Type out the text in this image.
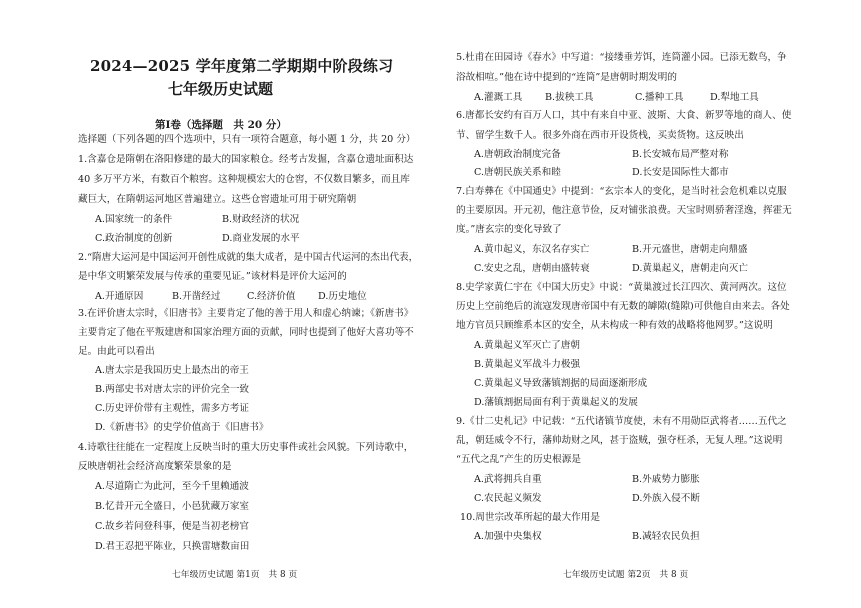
2024—2025 学年度第二学期期中阶段练习
七年级历史试题
第Ⅰ卷（选择题　共 20 分）
选择题（下列各题的四个选项中，只有一项符合题意，每小题 1 分，共 20 分）
1.含嘉仓是隋朝在洛阳修建的最大的国家粮仓。经考古发掘，含嘉仓遗址面积达
40 多万平方米，有数百个粮窖。这种规模宏大的仓窖，不仅数目繁多，而且库
藏巨大，在隋朝运河地区普遍建立。这些仓窖遗址可用于研究隋朝
A.国家统一的条件	B.财政经济的状况
C.政治制度的创新	D.商业发展的水平
2.“隋唐大运河是中国运河开创性成就的集大成者，是中国古代运河的杰出代表，
是中华文明繁荣发展与传承的重要见证。”该材料是评价大运河的
A.开通原因	B.开凿经过	C.经济价值 D.历史地位
3.在评价唐太宗时，《旧唐书》主要肯定了他的善于用人和虚心纳谏；《新唐书》
主要肯定了他在平叛建唐和国家治理方面的贡献，同时也提到了他好大喜功等不
足。由此可以看出
A.唐太宗是我国历史上最杰出的帝王
B.两部史书对唐太宗的评价完全一致
C.历史评价带有主观性，需多方考证
D.《新唐书》的史学价值高于《旧唐书》
4.诗歌往往能在一定程度上反映当时的重大历史事件或社会风貌。下列诗歌中，
反映唐朝社会经济高度繁荣景象的是
A.尽道隋亡为此河，至今千里赖通波
B.忆昔开元全盛日，小邑犹藏万家室
C.故乡若问登科事，便是当初老榜官
D.君王忍把平陈业，只换雷塘数亩田
七年级历史试题 第1页　共 8 页
5.杜甫在田园诗《春水》中写道：“接缕垂芳饵，连筒灌小园。已添无数鸟，争
浴故相喧。”他在诗中提到的“连筒”是唐朝时期发明的
A.灌溉工具 B.拔秧工具	C.播种工具	D.犁地工具
6.唐都长安约有百万人口，其中有来自中亚、波斯、大食、新罗等地的商人、使
节、留学生数千人。很多外商在西市开设货栈，买卖货物。这反映出
A.唐朝政治制度完备	B.长安城布局严整对称
C.唐朝民族关系和睦	D.长安是国际性大都市
7.白寿彝在《中国通史》中提到：“玄宗本人的变化，是当时社会危机难以克服
的主要原因。开元初，他注意节俭，反对铺张浪费。天宝时则骄奢淫逸，挥霍无
度。”唐玄宗的变化导致了
A.黄巾起义，东汉名存实亡	B.开元盛世，唐朝走向鼎盛
C.安史之乱，唐朝由盛转衰	D.黄巢起义，唐朝走向灭亡
8.史学家黄仁宇在《中国大历史》中说：“黄巢渡过长江四次、黄河两次。这位
历史上空前绝后的流寇发现唐帝国中有无数的罅隙(缝隙)可供他自由来去。各处
地方官员只顾维系本区的安全，从未构成一种有效的战略将他网罗。”这说明
A.黄巢起义军灭亡了唐朝
B.黄巢起义军战斗力极强
C.黄巢起义导致藩镇割据的局面逐渐形成
D.藩镇割据局面有利于黄巢起义的发展
9.《廿二史札记》中记载：“五代诸镇节度使，未有不用勋臣武将者……五代之
乱，朝廷威令不行，藩帅劫财之风，甚于盗贼，强夺枉杀，无复人理。”这说明
“五代之乱”产生的历史根源是
A.武将拥兵自重	B.外戚势力膨胀
C.农民起义频发	D.外族入侵不断
10.周世宗改革所起的最大作用是
A.加强中央集权	B.减轻农民负担
七年级历史试题 第2页　共 8 页
